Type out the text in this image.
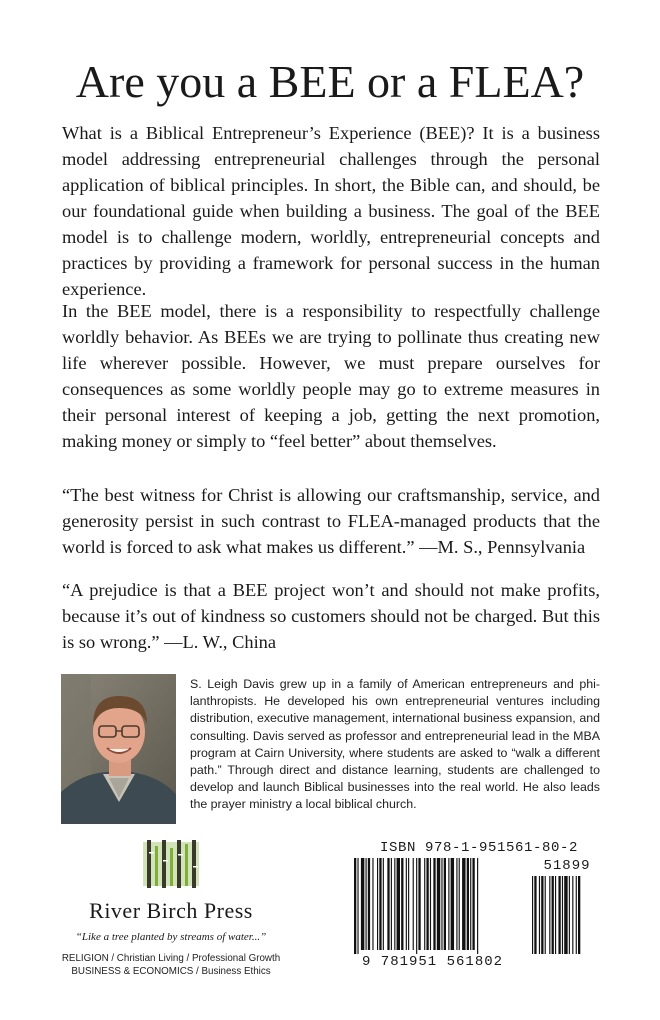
Are you a BEE or a FLEA?

What is a Biblical Entrepreneur’s Experience (BEE)? It is a business model addressing entrepreneurial challenges through the personal application of biblical principles. In short, the Bible can, and should, be our foundational guide when building a business. The goal of the BEE model is to challenge modern, worldly, entrepreneurial concepts and practices by providing a framework for personal success in the human experience.

In the BEE model, there is a responsibility to respectfully challenge worldly behavior. As BEEs we are trying to pollinate thus creating new life wherever possible. However, we must prepare ourselves for consequences as some worldly people may go to extreme measures in their personal interest of keeping a job, getting the next promotion, making money or simply to “feel better” about themselves.

“The best witness for Christ is allowing our craftsmanship, service, and generosity persist in such contrast to FLEA-managed products that the world is forced to ask what makes us different.” —M. S., Pennsylvania

“A prejudice is that a BEE project won’t and should not make profits, because it’s out of kindness so customers should not be charged. But this is so wrong.” —L. W., China

S. Leigh Davis grew up in a family of American entrepreneurs and philanthropists. He developed his own entrepreneurial ventures including distribution, executive management, international business expansion, and consulting. Davis served as professor and entrepreneurial lead in the MBA program at Cairn University, where students are asked to “walk a different path.” Through direct and distance learning, students are challenged to develop and launch Biblical businesses into the real world. He also leads the prayer ministry a local biblical church.

River Birch Press
“Like a tree planted by streams of water...”
RELIGION / Christian Living / Professional Growth
BUSINESS & ECONOMICS / Business Ethics
ISBN 978-1-951561-80-2
51899
9 781951 561802
